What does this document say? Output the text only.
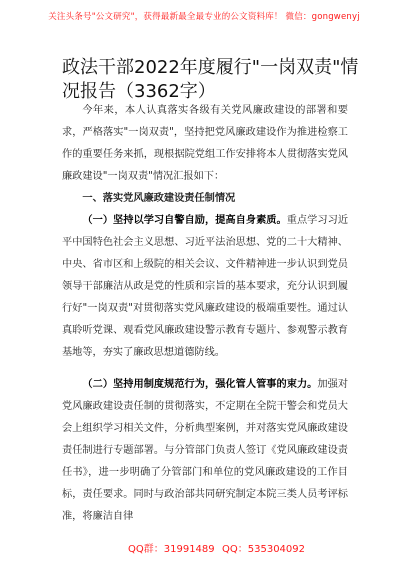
关注头条号"公文研究"，获得最新最全最专业的公文资料库！ 微信：gongwenyj
政法干部2022年度履行"一岗双责"情况报告（3362字）

今年来，本人认真落实各级有关党风廉政建设的部署和要求，严格落实"一岗双责"，坚持把党风廉政建设作为推进检察工作的重要任务来抓，现根据院党组工作安排将本人贯彻落实党风廉政建设"一岗双责"情况汇报如下：

一、落实党风廉政建设责任制情况

（一）坚持以学习自警自励，提高自身素质。重点学习习近平中国特色社会主义思想、习近平法治思想、党的二十大精神、中央、省市区和上级院的相关会议、文件精神进一步认识到党员领导干部廉洁从政是党的性质和宗旨的基本要求，充分认识到履行好"一岗双责"对贯彻落实党风廉政建设的极端重要性。通过认真聆听党课、观看党风廉政建设警示教育专题片、参观警示教育基地等，夯实了廉政思想道德防线。

（二）坚持用制度规范行为，强化管人管事的束力。加强对党风廉政建设责任制的贯彻落实，不定期在全院干警会和党员大会上组织学习相关文件，分析典型案例，并对落实党风廉政建设责任制进行专题部署。与分管部门负责人签订《党风廉政建设责任书》，进一步明确了分管部门和单位的党风廉政建设的工作目标，责任要求。同时与政治部共同研究制定本院三类人员考评标准，将廉洁自律

QQ群：31991489 QQ：535304092
